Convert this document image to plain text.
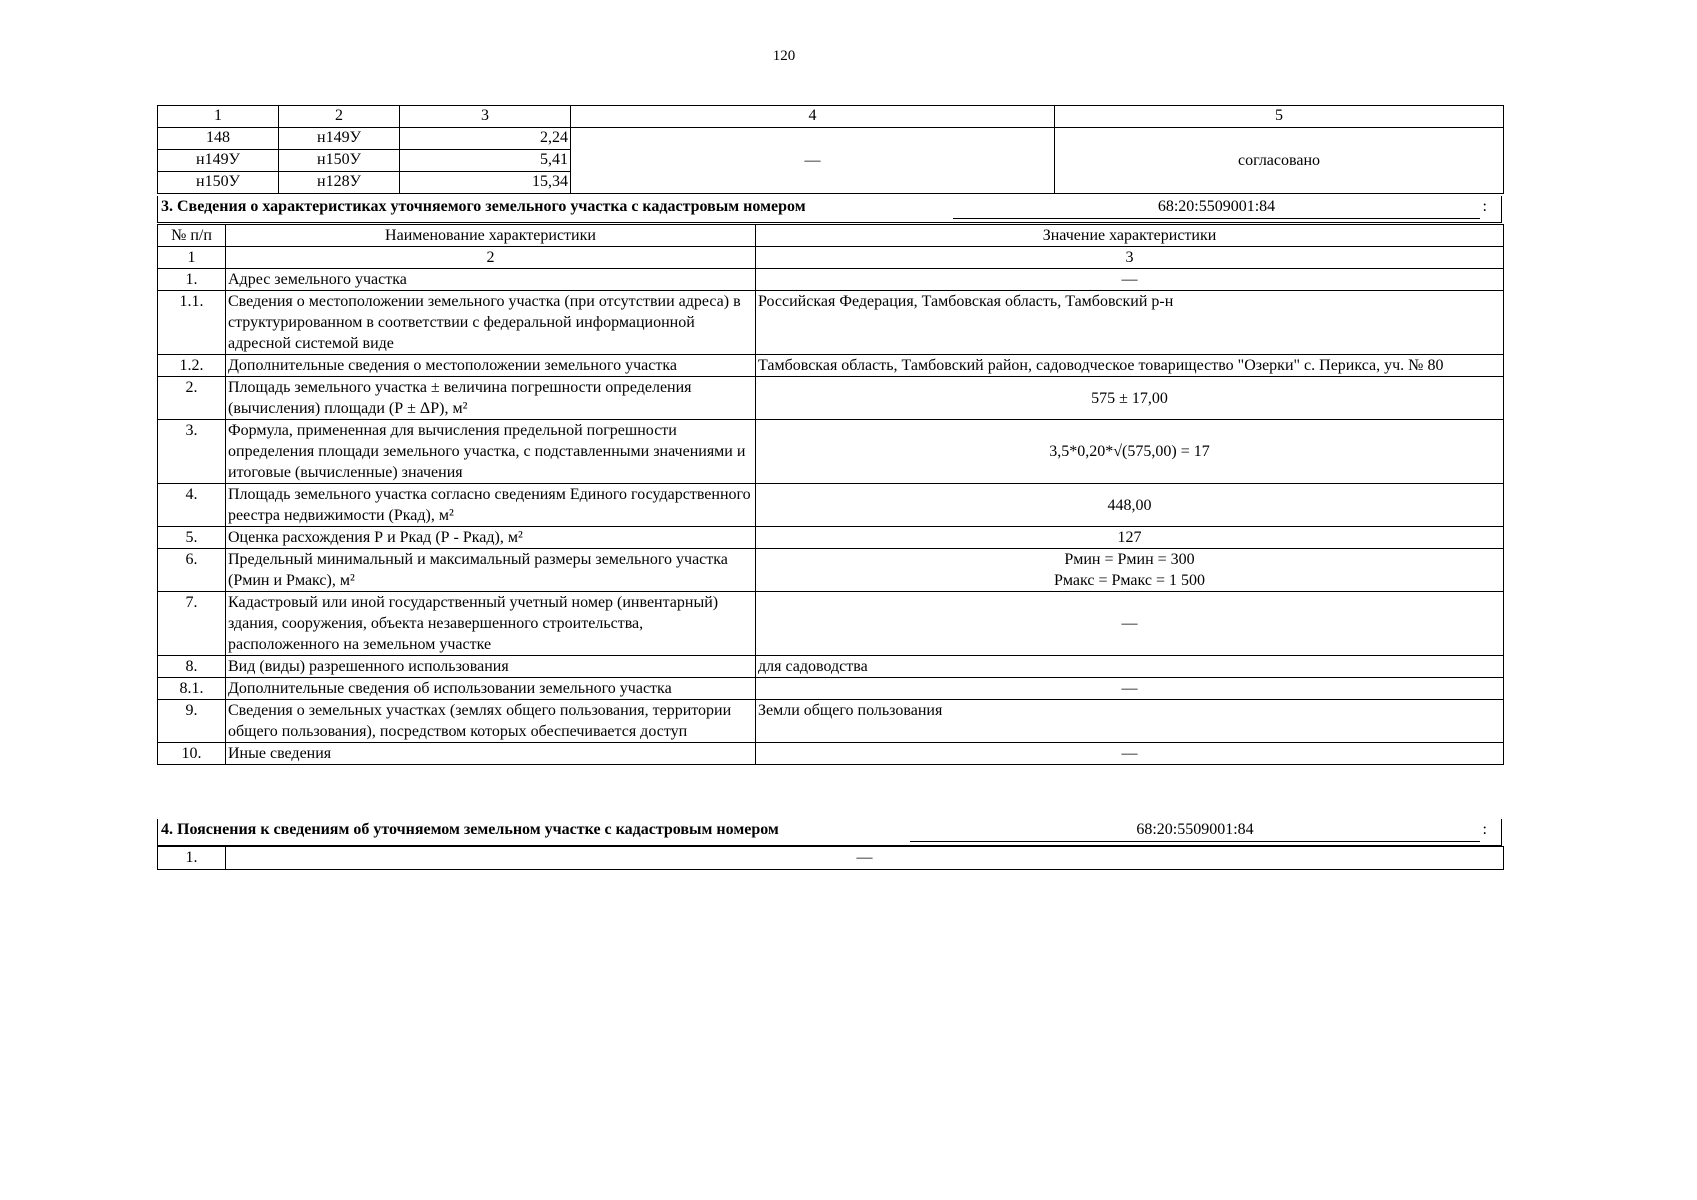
120
1	2	3	4	5
148	н149У	2,24	—	согласовано
н149У	н150У	5,41		
н150У	н128У	15,34		
3. Сведения о характеристиках уточняемого земельного участка с кадастровым номером	68:20:5509001:84	:
№ п/п	Наименование характеристики	Значение характеристики
1	2	3
1.	Адрес земельного участка	—
1.1.	Сведения о местоположении земельного участка (при отсутствии адреса) в структурированном в соответствии с федеральной информационной адресной системой виде	Российская Федерация, Тамбовская область, Тамбовский р-н
1.2.	Дополнительные сведения о местоположении земельного участка	Тамбовская область, Тамбовский район, садоводческое товарищество "Озерки" с. Перикса, уч. № 80
2.	Площадь земельного участка ± величина погрешности определения (вычисления) площади (Р ± ΔР), м²	575 ± 17,00
3.	Формула, примененная для вычисления предельной погрешности определения площади земельного участка, с подставленными значениями и итоговые (вычисленные) значения	3,5*0,20*√(575,00) = 17
4.	Площадь земельного участка согласно сведениям Единого государственного реестра недвижимости (Ркад), м²	448,00
5.	Оценка расхождения Р и Ркад (Р - Ркад), м²	127
6.	Предельный минимальный и максимальный размеры земельного участка (Рмин и Рмакс), м²	Рмин = Рмин = 300
Рмакс = Рмакс = 1 500

7.	Кадастровый или иной государственный учетный номер (инвентарный) здания, сооружения, объекта незавершенного строительства, расположенного на земельном участке	—
8.	Вид (виды) разрешенного использования	для садоводства
8.1.	Дополнительные сведения об использовании земельного участка	—
9.	Сведения о земельных участках (землях общего пользования, территории общего пользования), посредством которых обеспечивается доступ	Земли общего пользования
10.	Иные сведения	—
4. Пояснения к сведениям об уточняемом земельном участке с кадастровым номером	68:20:5509001:84	:
1.	—
